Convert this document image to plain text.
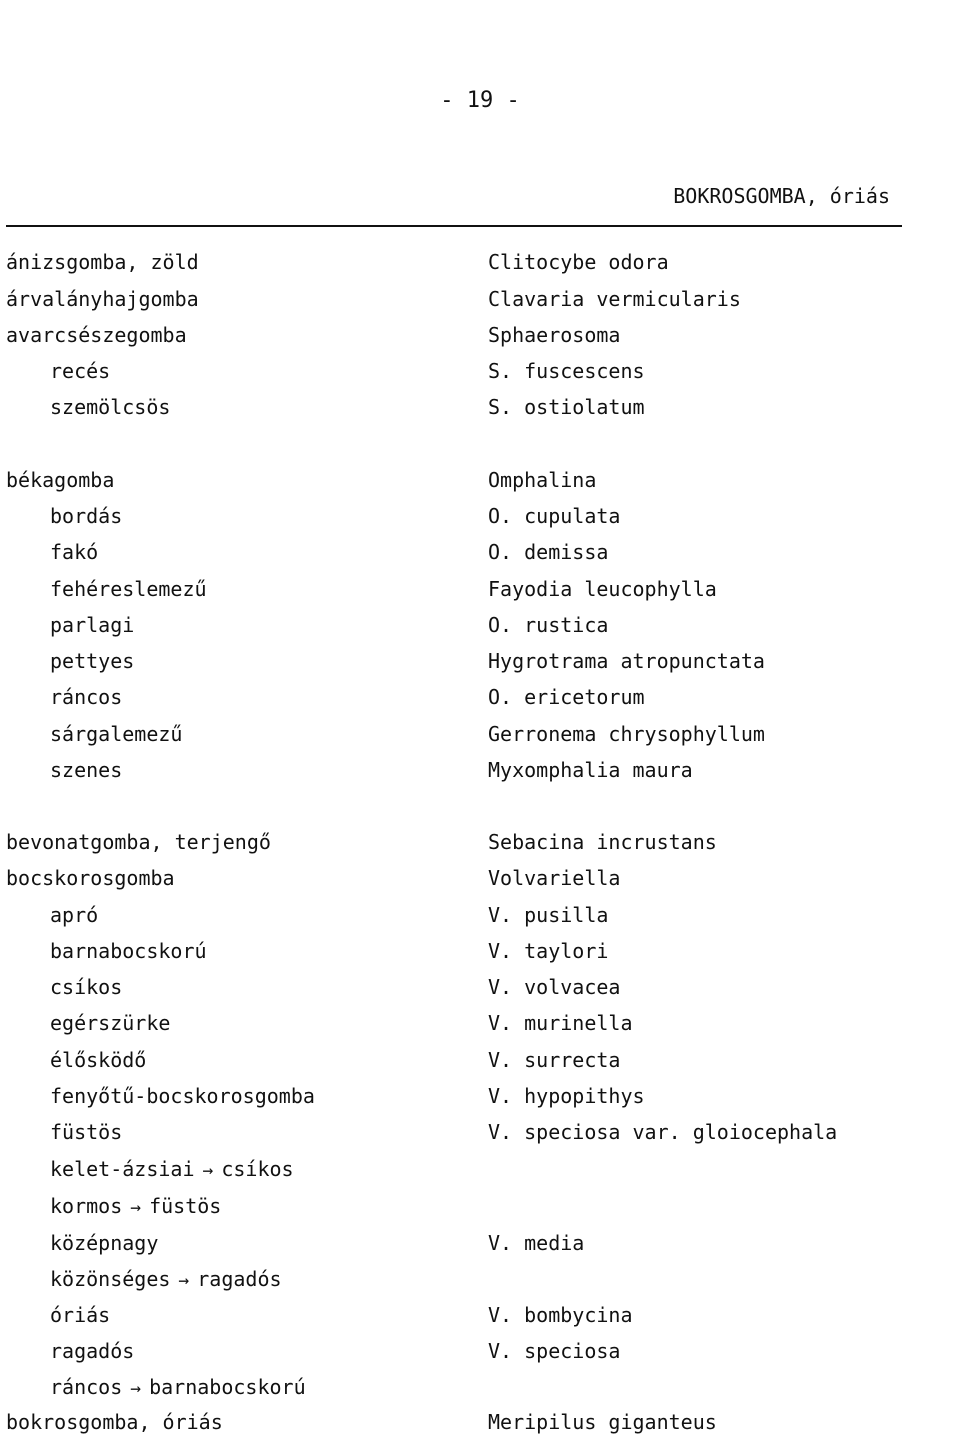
- 19 -
BOKROSGOMBA, óriás
ánizsgomba, zöld	Clitocybe odora
árvalányhajgomba	Clavaria vermicularis
avarcsészegomba	Sphaerosoma
recés	S. fuscescens
szemölcsös	S. ostiolatum
békagomba	Omphalina
bordás	O. cupulata
fakó	O. demissa
fehéreslemezű	Fayodia leucophylla
parlagi	O. rustica
pettyes	Hygrotrama atropunctata
ráncos	O. ericetorum
sárgalemezű	Gerronema chrysophyllum
szenes	Myxomphalia maura
bevonatgomba, terjengő	Sebacina incrustans
bocskorosgomba	Volvariella
apró	V. pusilla
barnabocskorú	V. taylori
csíkos	V. volvacea
egérszürke	V. murinella
élősködő	V. surrecta
fenyőtű-bocskorosgomba	V. hypopithys
füstös	V. speciosa var. gloiocephala
kelet-ázsiai → csíkos
kormos → füstös
középnagy	V. media
közönséges → ragadós
óriás	V. bombycina
ragadós	V. speciosa
ráncos → barnabocskorú
bokrosgomba, óriás	Meripilus giganteus
